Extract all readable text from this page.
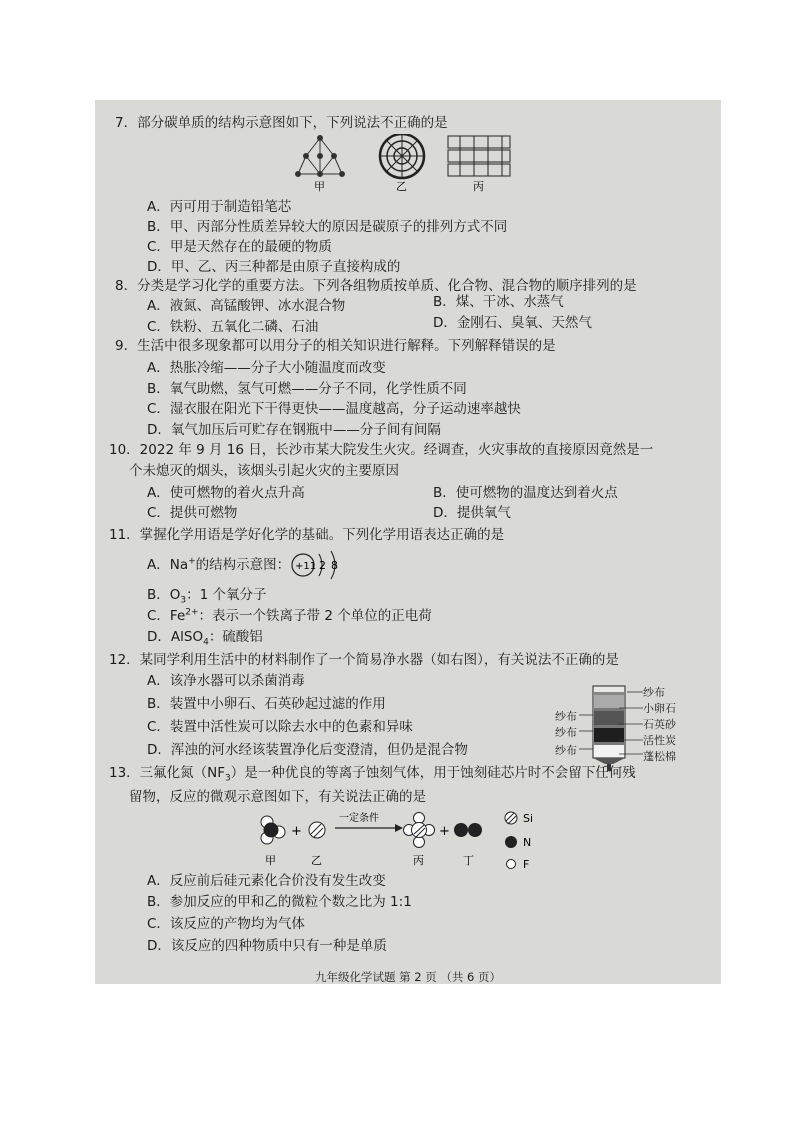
7．部分碳单质的结构示意图如下，下列说法不正确的是
甲	乙	丙
A．丙可用于制造铅笔芯
B．甲、丙部分性质差异较大的原因是碳原子的排列方式不同
C．甲是天然存在的最硬的物质
D．甲、乙、丙三种都是由原子直接构成的
8．分类是学习化学的重要方法。下列各组物质按单质、化合物、混合物的顺序排列的是
A．液氮、高锰酸钾、冰水混合物	B．煤、干冰、水蒸气
C．铁粉、五氧化二磷、石油	D．金刚石、臭氧、天然气
9．生活中很多现象都可以用分子的相关知识进行解释。下列解释错误的是
A．热胀冷缩——分子大小随温度而改变
B．氧气助燃，氢气可燃——分子不同，化学性质不同
C．湿衣服在阳光下干得更快——温度越高，分子运动速率越快
D．氧气加压后可贮存在钢瓶中——分子间有间隔
10．2022 年 9 月 16 日，长沙市某大院发生火灾。经调查，火灾事故的直接原因竟然是一
个未熄灭的烟头，该烟头引起火灾的主要原因
A．使可燃物的着火点升高	B．使可燃物的温度达到着火点
C．提供可燃物	D．提供氧气
11．掌握化学用语是学好化学的基础。下列化学用语表达正确的是
A．Na+的结构示意图： +11 2 8
B．$O_3$：1 个氧分子
C．$Fe^{2+}$：表示一个铁离子带 2 个单位的正电荷
D．AlSO$_4$：硫酸铝
12．某同学利用生活中的材料制作了一个简易净水器（如右图），有关说法不正确的是
A．该净水器可以杀菌消毒
B．装置中小卵石、石英砂起过滤的作用
C．装置中活性炭可以除去水中的色素和异味
D．浑浊的河水经该装置净化后变澄清，但仍是混合物
纱布
小卵石
石英砂
活性炭
蓬松棉
纱布
纱布
纱布
13．三氟化氮$(NF_3)$是一种优良的等离子蚀刻气体，用于蚀刻硅芯片时不会留下任何残
留物，反应的微观示意图如下，有关说法正确的是
+
一定条件
+
甲	乙	丙	丁
Si
N
F
A．反应前后硅元素化合价没有发生改变
B．参加反应的甲和乙的微粒个数之比为 1:1
C．该反应的产物均为气体
D．该反应的四种物质中只有一种是单质
九年级化学试题 第 2 页 （共 6 页）
